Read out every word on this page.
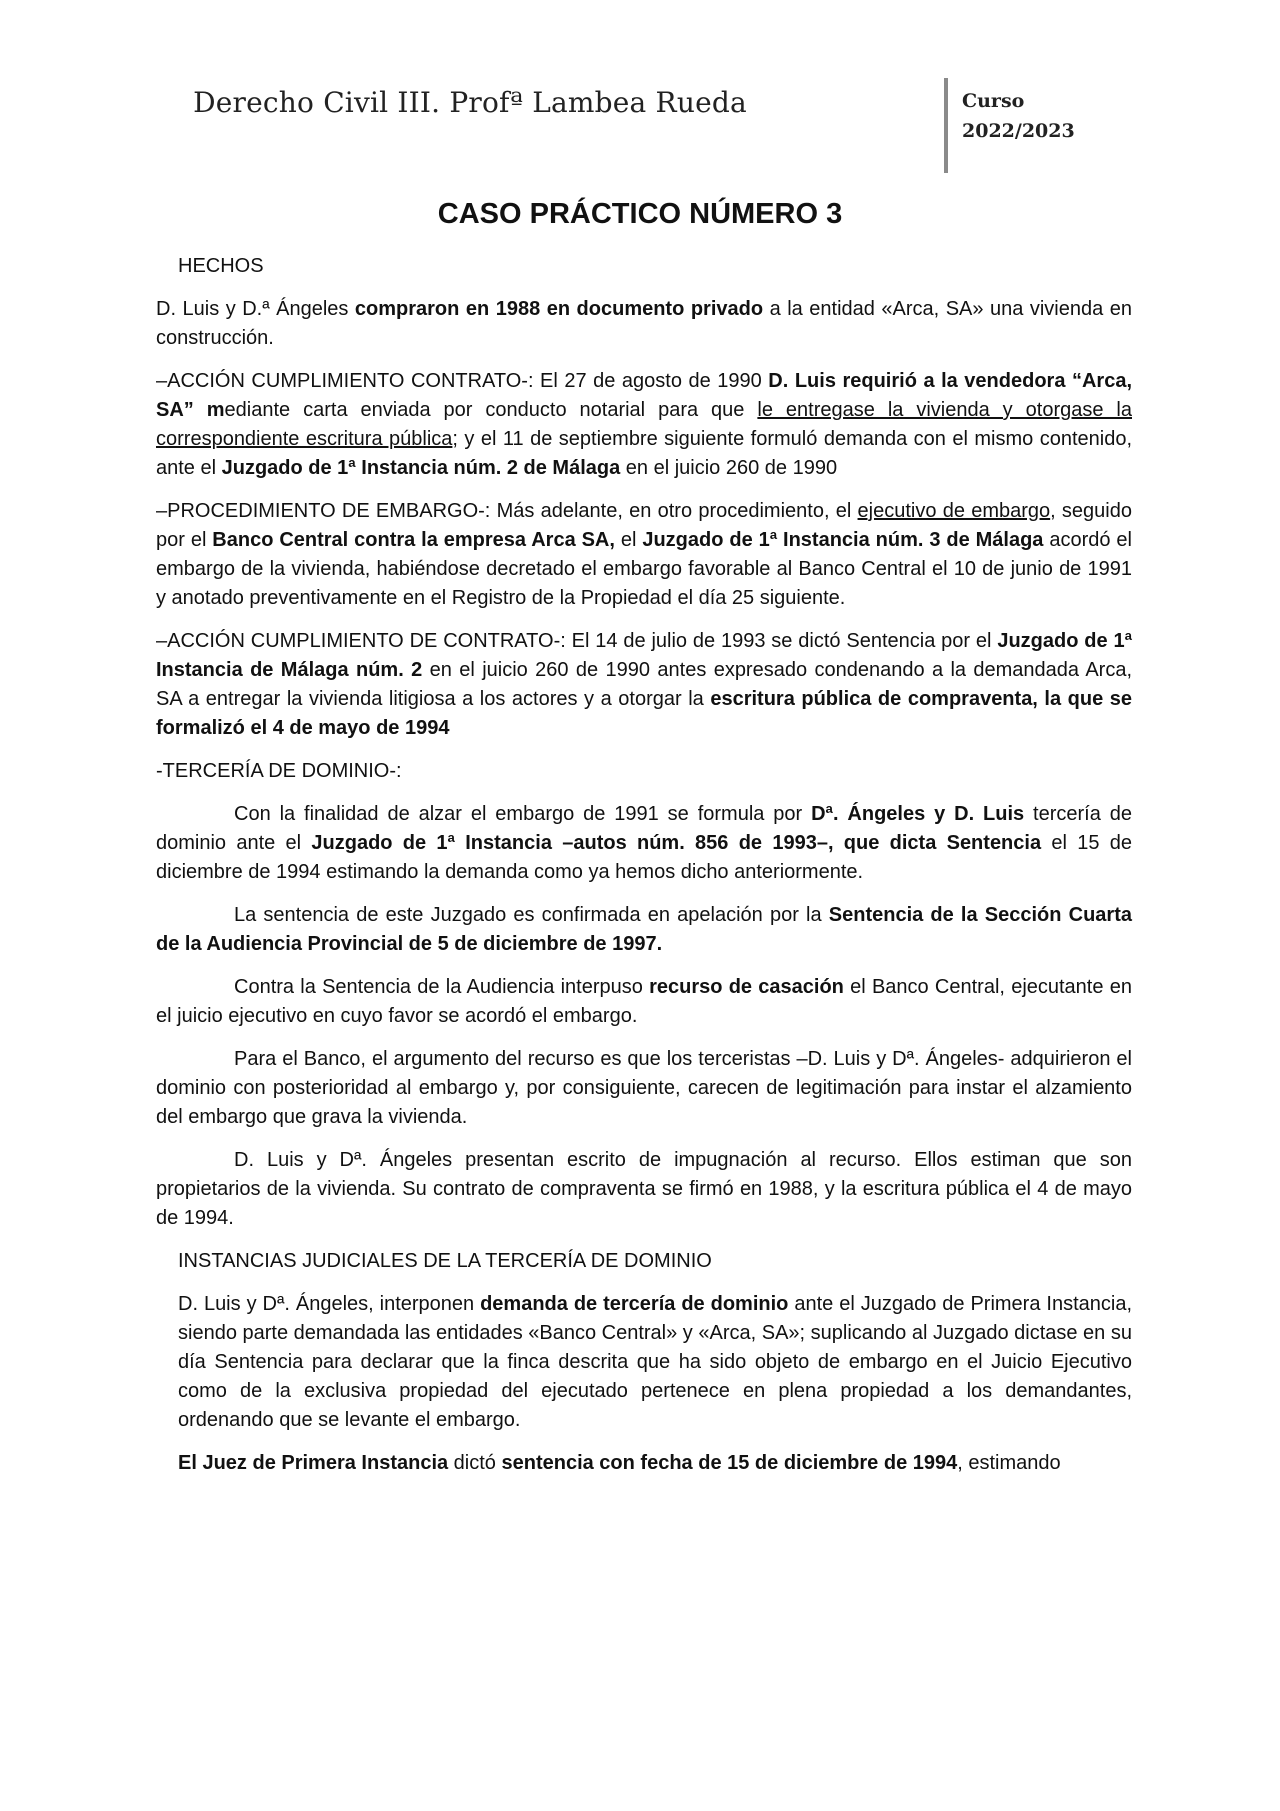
Derecho Civil III. Profª Lambea Rueda	Curso
2022/2023
CASO PRÁCTICO NÚMERO 3

HECHOS

D. Luis y D.ª Ángeles compraron en 1988 en documento privado a la entidad «Arca, SA» una vivienda en construcción.

–ACCIÓN CUMPLIMIENTO CONTRATO-: El 27 de agosto de 1990 D. Luis requirió a la vendedora “Arca, SA” mediante carta enviada por conducto notarial para que le entregase la vivienda y otorgase la correspondiente escritura pública; y el 11 de septiembre siguiente formuló demanda con el mismo contenido, ante el Juzgado de 1ª Instancia núm. 2 de Málaga en el juicio 260 de 1990

–PROCEDIMIENTO DE EMBARGO-: Más adelante, en otro procedimiento, el ejecutivo de embargo, seguido por el Banco Central contra la empresa Arca SA, el Juzgado de 1ª Instancia núm. 3 de Málaga acordó el embargo de la vivienda, habiéndose decretado el embargo favorable al Banco Central el 10 de junio de 1991 y anotado preventivamente en el Registro de la Propiedad el día 25 siguiente.

–ACCIÓN CUMPLIMIENTO DE CONTRATO-: El 14 de julio de 1993 se dictó Sentencia por el Juzgado de 1ª Instancia de Málaga núm. 2 en el juicio 260 de 1990 antes expresado condenando a la demandada Arca, SA a entregar la vivienda litigiosa a los actores y a otorgar la escritura pública de compraventa, la que se formalizó el 4 de mayo de 1994

-TERCERÍA DE DOMINIO-:

Con la finalidad de alzar el embargo de 1991 se formula por Dª. Ángeles y D. Luis tercería de dominio ante el Juzgado de 1ª Instancia –autos núm. 856 de 1993–, que dicta Sentencia el 15 de diciembre de 1994 estimando la demanda como ya hemos dicho anteriormente.

La sentencia de este Juzgado es confirmada en apelación por la Sentencia de la Sección Cuarta de la Audiencia Provincial de 5 de diciembre de 1997.

Contra la Sentencia de la Audiencia interpuso recurso de casación el Banco Central, ejecutante en el juicio ejecutivo en cuyo favor se acordó el embargo.

Para el Banco, el argumento del recurso es que los terceristas –D. Luis y Dª. Ángeles- adquirieron el dominio con posterioridad al embargo y, por consiguiente, carecen de legitimación para instar el alzamiento del embargo que grava la vivienda.

D. Luis y Dª. Ángeles presentan escrito de impugnación al recurso. Ellos estiman que son propietarios de la vivienda. Su contrato de compraventa se firmó en 1988, y la escritura pública el 4 de mayo de 1994.

INSTANCIAS JUDICIALES DE LA TERCERÍA DE DOMINIO

D. Luis y Dª. Ángeles, interponen demanda de tercería de dominio ante el Juzgado de Primera Instancia, siendo parte demandada las entidades «Banco Central» y «Arca, SA»; suplicando al Juzgado dictase en su día Sentencia para declarar que la finca descrita que ha sido objeto de embargo en el Juicio Ejecutivo como de la exclusiva propiedad del ejecutado pertenece en plena propiedad a los demandantes, ordenando que se levante el embargo.

El Juez de Primera Instancia dictó sentencia con fecha de 15 de diciembre de 1994, estimando
